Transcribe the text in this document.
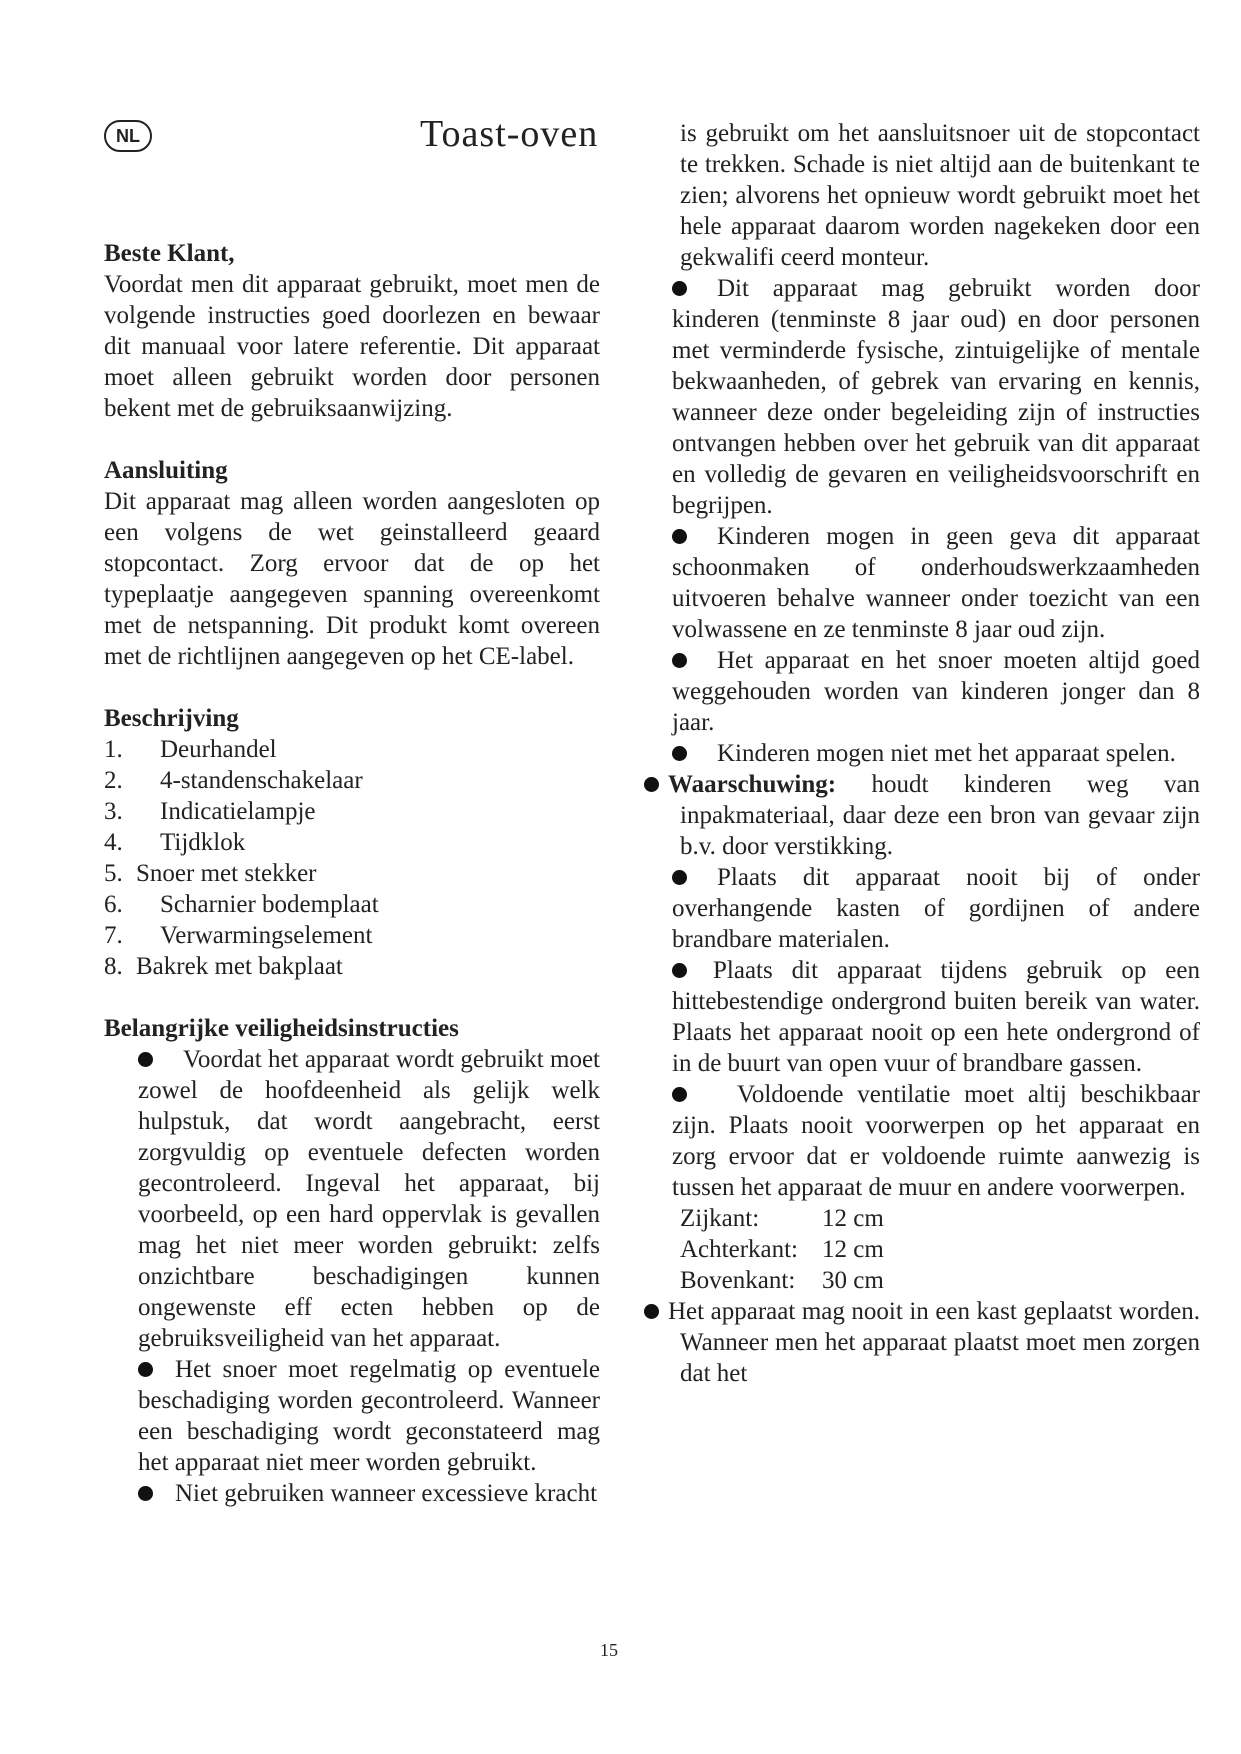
NL	Toast-oven
Beste Klant,
Voordat men dit apparaat gebruikt, moet men de volgende instructies goed doorlezen en bewaar dit manuaal voor latere referentie. Dit apparaat moet alleen gebruikt worden door personen bekent met de gebruiksaanwijzing.
Aansluiting
Dit apparaat mag alleen worden aangesloten op een volgens de wet geinstalleerd geaard stopcontact. Zorg ervoor dat de op het typeplaatje aangegeven spanning overeenkomt met de netspanning. Dit produkt komt overeen met de richtlijnen aangegeven op het CE-label.
Beschrijving
1.	Deurhandel
2.	4-standenschakelaar
3.	Indicatielampje
4.	Tijdklok
5. Snoer met stekker
6.	Scharnier bodemplaat
7.	Verwarmingselement
8. Bakrek met bakplaat
Belangrijke veiligheidsinstructies
Voordat het apparaat wordt gebruikt moet zowel de hoofdeenheid als gelijk welk hulpstuk, dat wordt aangebracht, eerst zorgvuldig op eventuele defecten worden gecontroleerd. Ingeval het apparaat, bij voorbeeld, op een hard oppervlak is gevallen mag het niet meer worden gebruikt: zelfs onzichtbare beschadigingen kunnen ongewenste eff ecten hebben op de gebruiksveiligheid van het apparaat.
Het snoer moet regelmatig op eventuele beschadiging worden gecontroleerd. Wanneer een beschadiging wordt geconstateerd mag het apparaat niet meer worden gebruikt.
Niet gebruiken wanneer excessieve kracht
is gebruikt om het aansluitsnoer uit de stopcontact te trekken. Schade is niet altijd aan de buitenkant te zien; alvorens het opnieuw wordt gebruikt moet het hele apparaat daarom worden nagekeken door een gekwalifi ceerd monteur.
Dit apparaat mag gebruikt worden door kinderen (tenminste 8 jaar oud) en door personen met verminderde fysische, zintuigelijke of mentale bekwaanheden, of gebrek van ervaring en kennis, wanneer deze onder begeleiding zijn of instructies ontvangen hebben over het gebruik van dit apparaat en volledig de gevaren en veiligheidsvoorschrift en begrijpen.
Kinderen mogen in geen geva dit apparaat schoonmaken of onderhoudswerkzaamheden uitvoeren behalve wanneer onder toezicht van een volwassene en ze tenminste 8 jaar oud zijn.
Het apparaat en het snoer moeten altijd goed weggehouden worden van kinderen jonger dan 8 jaar.
Kinderen mogen niet met het apparaat spelen.
Waarschuwing: houdt kinderen weg van inpakmateriaal, daar deze een bron van gevaar zijn b.v. door verstikking.
Plaats dit apparaat nooit bij of onder overhangende kasten of gordijnen of andere brandbare materialen.
Plaats dit apparaat tijdens gebruik op een hittebestendige ondergrond buiten bereik van water. Plaats het apparaat nooit op een hete ondergrond of in de buurt van open vuur of brandbare gassen.
Voldoende ventilatie moet altij beschikbaar zijn. Plaats nooit voorwerpen op het apparaat en zorg ervoor dat er voldoende ruimte aanwezig is tussen het apparaat de muur en andere voorwerpen.
Zijkant:	12 cm
Achterkant: 12 cm
Bovenkant:	30 cm
Het apparaat mag nooit in een kast geplaatst worden. Wanneer men het apparaat plaatst moet men zorgen dat het
15
